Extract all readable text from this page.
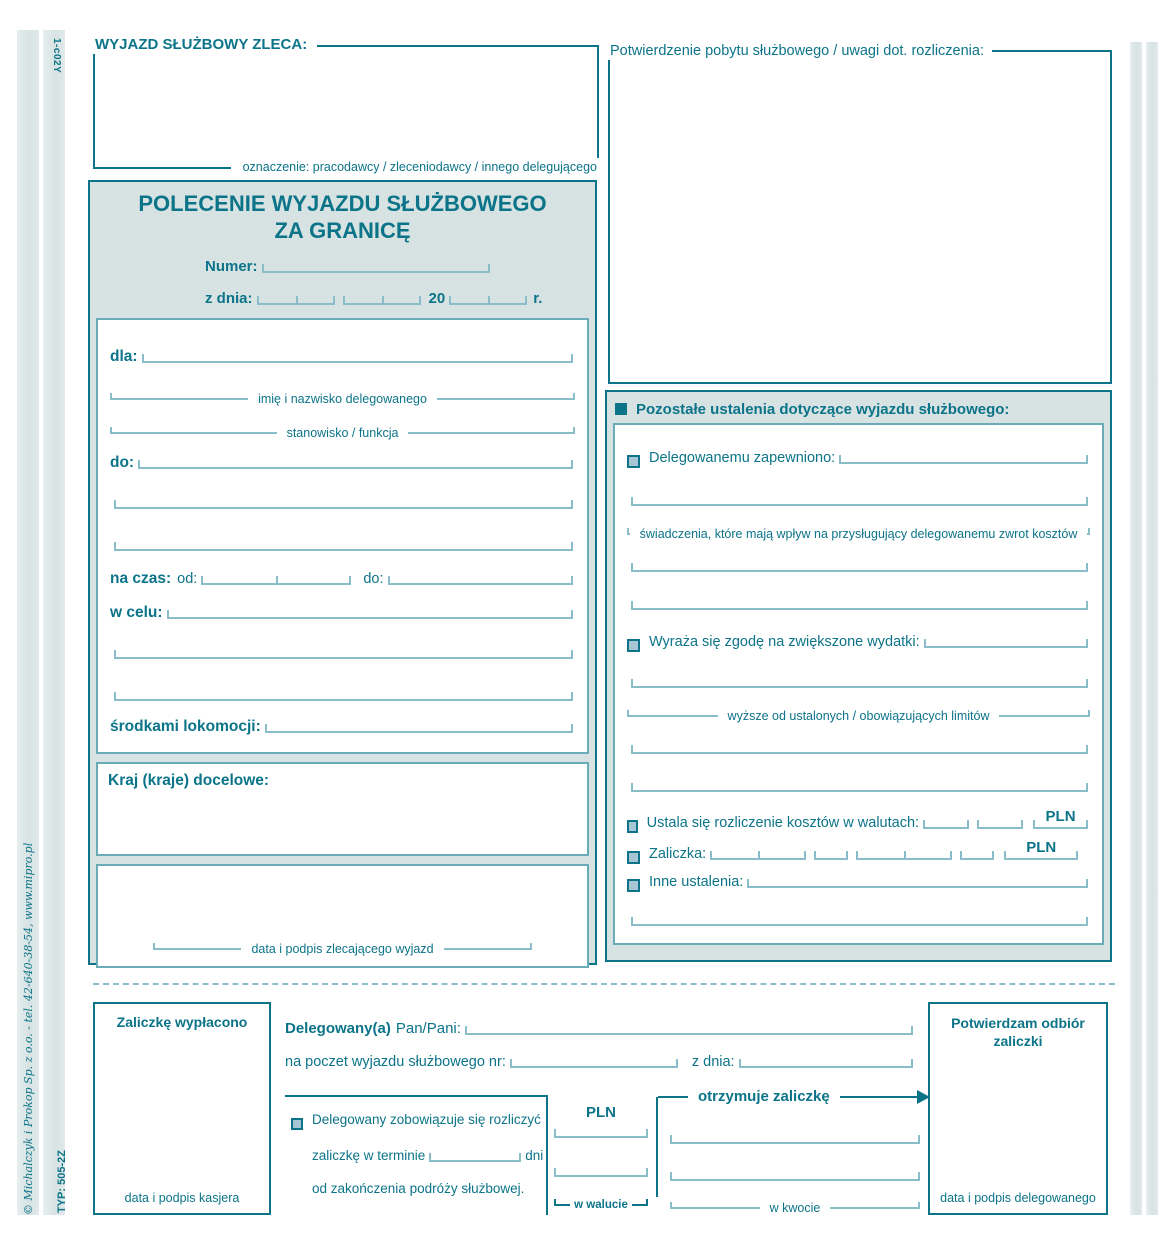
1-c02Y
© Michalczyk i Prokop Sp. z o.o. - tel. 42-640-38-54, www.mipro.pl TYP: 505-2Z
WYJAZD SŁUŻBOWY ZLECA:
oznaczenie: pracodawcy / zleceniodawcy / innego delegującego
POLECENIE WYJAZDU SŁUŻBOWEGO
ZA GRANICĘ
Numer:
z dnia:	20	r.
dla:
imię i nazwisko delegowanego
stanowisko / funkcja
do:
na czas: od:	do:
w celu:
środkami lokomocji:
Kraj (kraje) docelowe:
data i podpis zlecającego wyjazd
Potwierdzenie pobytu służbowego / uwagi dot. rozliczenia:
Pozostałe ustalenia dotyczące wyjazdu służbowego:
Delegowanemu zapewniono:
świadczenia, które mają wpływ na przysługujący delegowanemu zwrot kosztów
Wyraża się zgodę na zwiększone wydatki:
wyższe od ustalonych / obowiązujących limitów
Ustala się rozliczenie kosztów w walutach:	PLN
Zaliczka:	PLN
Inne ustalenia:
Zaliczkę wypłacono
data i podpis kasjera
Delegowany(a) Pan/Pani:
na poczet wyjazdu służbowego nr:	z dnia:
Delegowany zobowiązuje się rozliczyć
zaliczkę w terminie	dni
od zakończenia podróży służbowej.
PLN
w walucie
otrzymuje zaliczkę
w kwocie
Potwierdzam odbiór
zaliczki
data i podpis delegowanego
